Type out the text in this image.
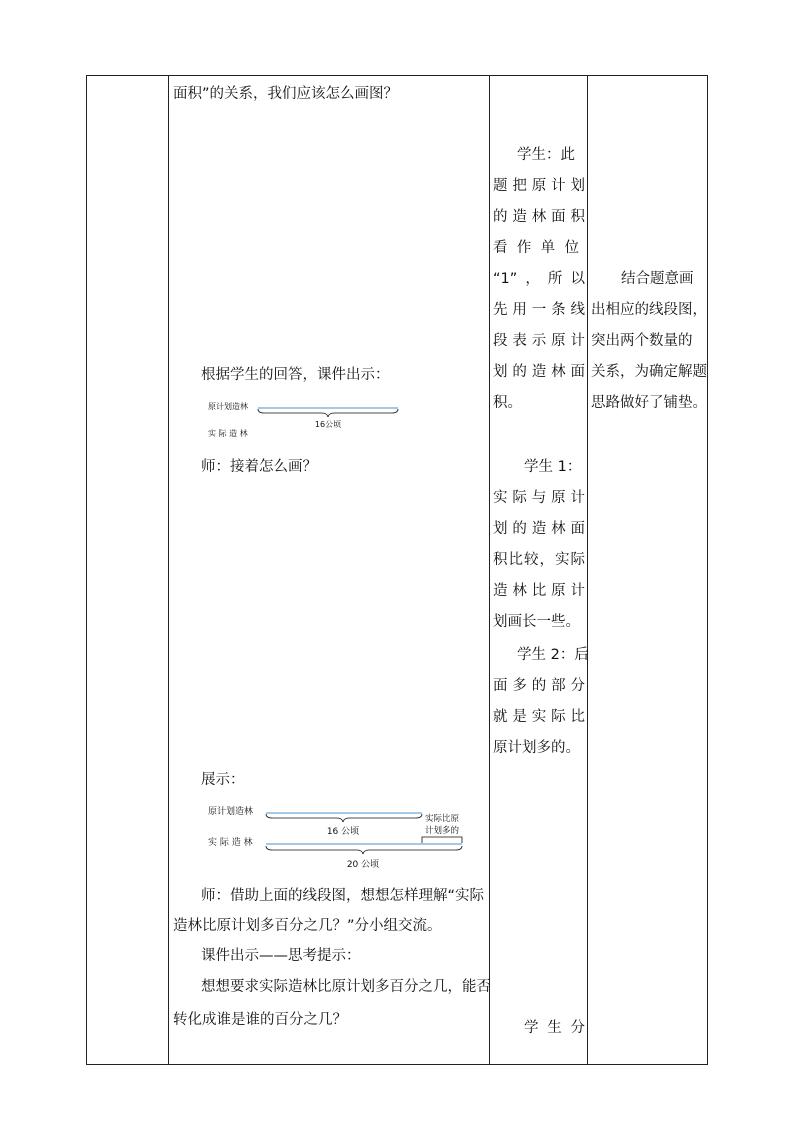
面积”的关系，我们应该怎么画图？
根据学生的回答，课件出示：
原计划造林
16公顷
实 际 造 林
师：接着怎么画？
展示：
原计划造林
16 公顷
实际比原
计划多的
实 际 造 林
20 公顷
师：借助上面的线段图，想想怎样理解“实际
造林比原计划多百分之几？”分小组交流。
课件出示——思考提示：
想想要求实际造林比原计划多百分之几，能否
转化成谁是谁的百分之几？
学生：此
题把原计划
的造林面积
看作单位
“1”，所以
先用一条线
段表示原计
划的造林面
积。
学生 1：
实际与原计
划的造林面
积比较，实际
造林比原计
划画长一些。
学生 2：后
面多的部分
就是实际比
原计划多的。
学生分
结合题意画
出相应的线段图，
突出两个数量的
关系，为确定解题
思路做好了铺垫。
